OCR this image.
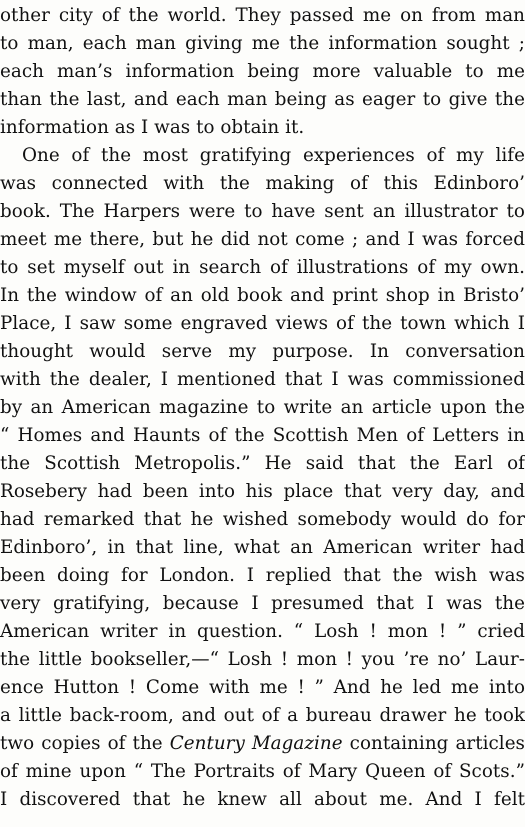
other city of the world. They passed me on from man
to man, each man giving me the information sought ;
each man’s information being more valuable to me
than the last, and each man being as eager to give the
information as I was to obtain it.
One of the most gratifying experiences of my life
was connected with the making of this Edinboro’
book. The Harpers were to have sent an illustrator to
meet me there, but he did not come ; and I was forced
to set myself out in search of illustrations of my own.
In the window of an old book and print shop in Bristo’
Place, I saw some engraved views of the town which I
thought would serve my purpose. In conversation
with the dealer, I mentioned that I was commissioned
by an American magazine to write an article upon the
“ Homes and Haunts of the Scottish Men of Letters in
the Scottish Metropolis.” He said that the Earl of
Rosebery had been into his place that very day, and
had remarked that he wished somebody would do for
Edinboro’, in that line, what an American writer had
been doing for London. I replied that the wish was
very gratifying, because I presumed that I was the
American writer in question. “ Losh ! mon ! ” cried
the little bookseller,—“ Losh ! mon ! you ’re no’ Laur-
ence Hutton ! Come with me ! ” And he led me into
a little back-room, and out of a bureau drawer he took
two copies of the Century Magazine containing articles
of mine upon “ The Portraits of Mary Queen of Scots.”
I discovered that he knew all about me. And I felt
